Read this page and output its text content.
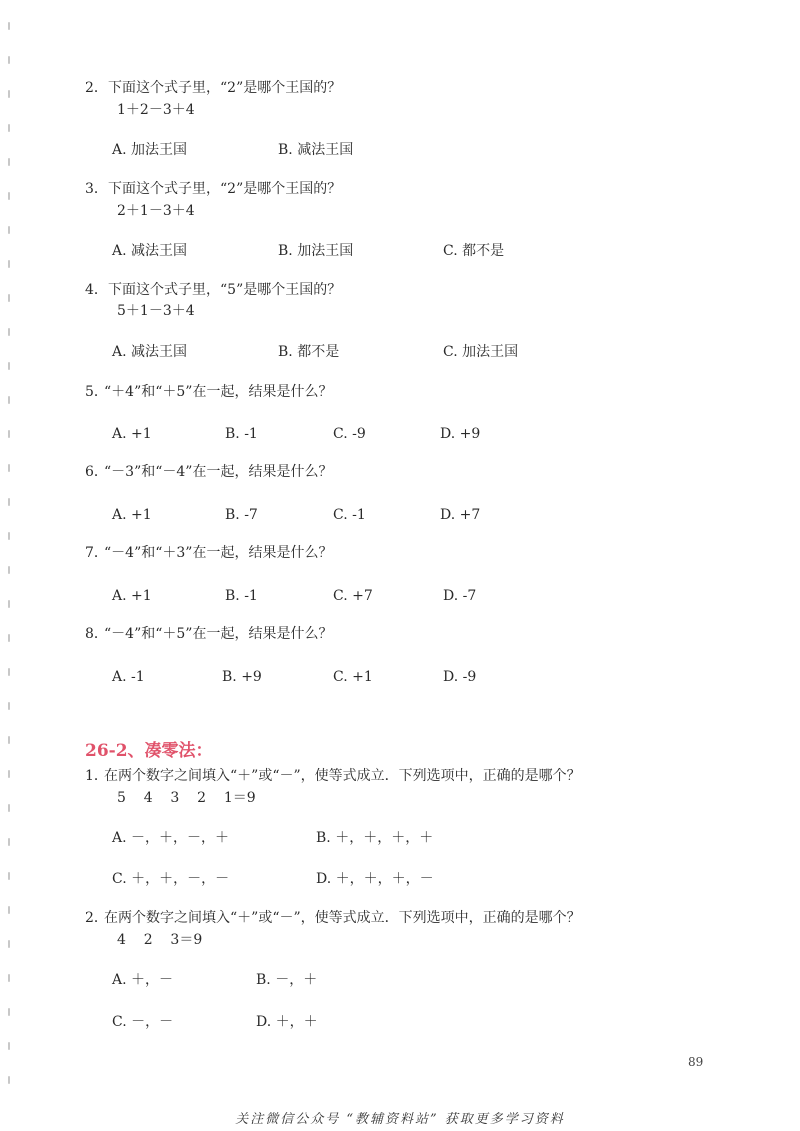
2． 下面这个式子里，“2”是哪个王国的？
1＋2－3＋4
A. 加法王国	B. 减法王国
3． 下面这个式子里，“2”是哪个王国的？
2＋1－3＋4
A. 减法王国	B. 加法王国	C. 都不是
4． 下面这个式子里，“5”是哪个王国的？
5＋1－3＋4
A. 减法王国	B. 都不是	C. 加法王国
5．
“＋4”和“＋5”在一起，结果是什么？
A. +1	B. -1	C. -9	D. +9
6．
“－3”和“－4”在一起，结果是什么？
A. +1	B. -7	C. -1	D. +7
7．
“－4”和“＋3”在一起，结果是什么？
A. +1	B. -1	C. +7	D. -7
8．
“－4”和“＋5”在一起，结果是什么？
A. -1	B. +9	C. +1	D. -9
26-2、凑零法：
1．
在两个数字之间填入“＋”或“－”，使等式成立．下列选项中，正确的是哪个？
5    4    3    2    1＝9
A. －，＋，－，＋	B. ＋，＋，＋，＋
C. ＋，＋，－，－	D. ＋，＋，＋，－
2．
在两个数字之间填入“＋”或“－”，使等式成立．下列选项中，正确的是哪个？
4    2    3＝9
A. ＋，－	B. －，＋
C. －，－	D. ＋，＋
89
关注微信公众号 “教辅资料站” 获取更多学习资料
